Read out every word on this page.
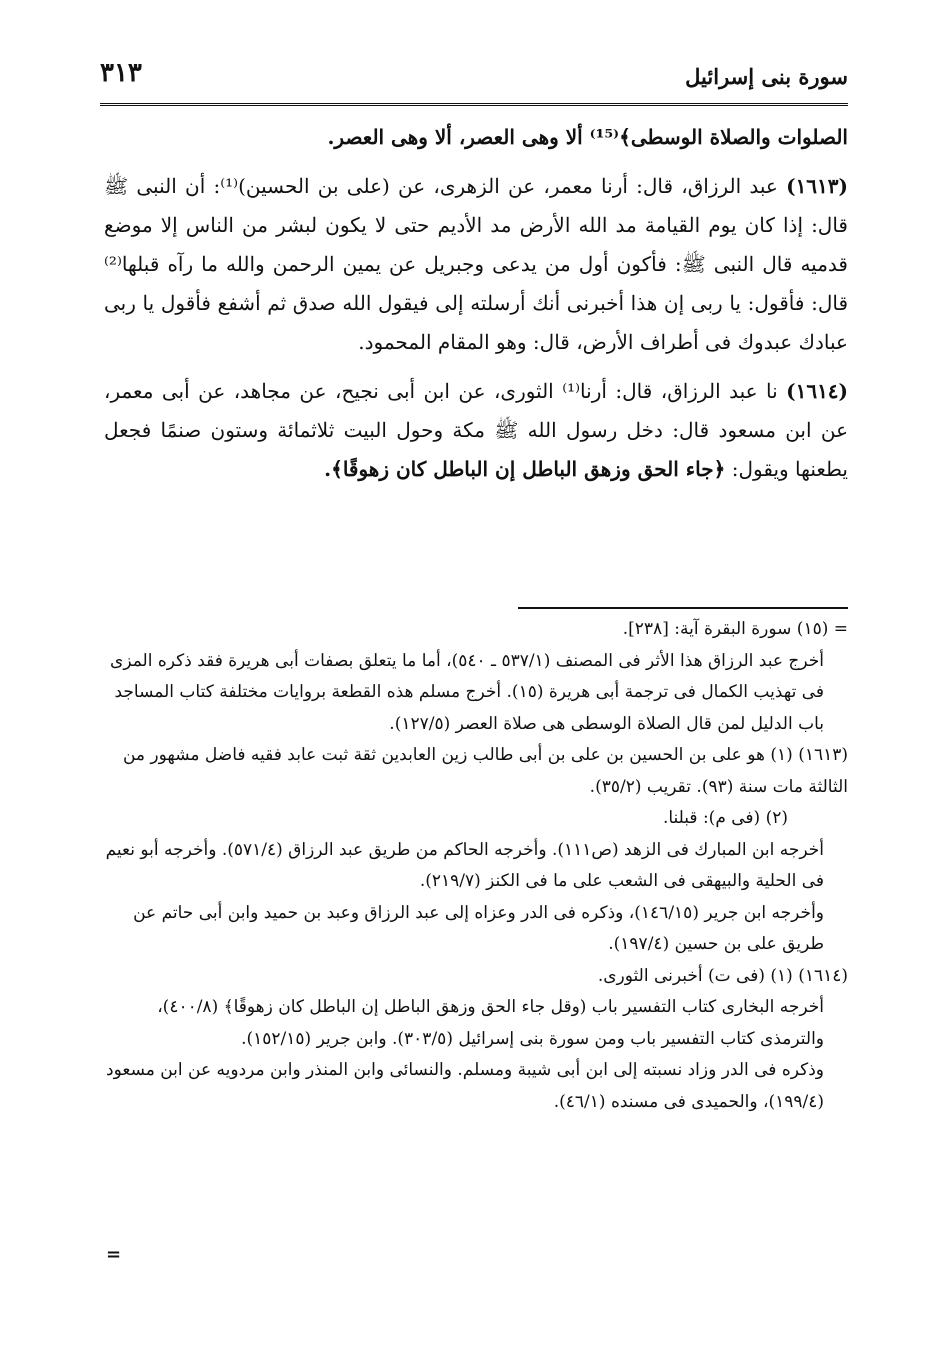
سورة بنى إسرائيل
٣١٣

الصلوات والصلاة الوسطى﴾⁽¹⁵⁾ ألا وهى العصر، ألا وهى العصر.

(١٦١٣) عبد الرزاق، قال: أرنا معمر، عن الزهرى، عن (على بن الحسين)⁽¹⁾: أن النبى ﷺ قال: إذا كان يوم القيامة مد الله الأرض مد الأديم حتى لا يكون لبشر من الناس إلا موضع قدميه قال النبى ﷺ: فأكون أول من يدعى وجبريل عن يمين الرحمن والله ما رآه قبلها⁽²⁾ قال: فأقول: يا ربى إن هذا أخبرنى أنك أرسلته إلى فيقول الله صدق ثم أشفع فأقول يا ربى عبادك عبدوك فى أطراف الأرض، قال: وهو المقام المحمود.

(١٦١٤) نا عبد الرزاق، قال: أرنا⁽¹⁾ الثورى، عن ابن أبى نجيح، عن مجاهد، عن أبى معمر، عن ابن مسعود قال: دخل رسول الله ﷺ مكة وحول البيت ثلاثمائة وستون صنمًا فجعل يطعنها ويقول: ﴿جاء الحق وزهق الباطل إن الباطل كان زهوقًا﴾.

= (١٥) سورة البقرة آية: [٢٣٨].

أخرج عبد الرزاق هذا الأثر فى المصنف (٥٣٧/١ ـ ٥٤٠)، أما ما يتعلق بصفات أبى هريرة فقد ذكره المزى فى تهذيب الكمال فى ترجمة أبى هريرة (١٥). أخرج مسلم هذه القطعة بروايات مختلفة كتاب المساجد باب الدليل لمن قال الصلاة الوسطى هى صلاة العصر (١٢٧/٥).

(١٦١٣) (١) هو على بن الحسين بن على بن أبى طالب زين العابدين ثقة ثبت عابد فقيه فاضل مشهور من الثالثة مات سنة (٩٣). تقريب (٣٥/٢).

(٢) (فى م): قبلنا.

أخرجه ابن المبارك فى الزهد (ص١١١). وأخرجه الحاكم من طريق عبد الرزاق (٥٧١/٤). وأخرجه أبو نعيم فى الحلية والبيهقى فى الشعب على ما فى الكنز (٢١٩/٧).

وأخرجه ابن جرير (١٤٦/١٥)، وذكره فى الدر وعزاه إلى عبد الرزاق وعبد بن حميد وابن أبى حاتم عن طريق على بن حسين (١٩٧/٤).

(١٦١٤) (١) (فى ت) أخبرنى الثورى.

أخرجه البخارى كتاب التفسير باب (وقل جاء الحق وزهق الباطل إن الباطل كان زهوقًا﴾ (٤٠٠/٨)، والترمذى كتاب التفسير باب ومن سورة بنى إسرائيل (٣٠٣/٥). وابن جرير (١٥٢/١٥).

وذكره فى الدر وزاد نسبته إلى ابن أبى شيبة ومسلم. والنسائى وابن المنذر وابن مردويه عن ابن مسعود (١٩٩/٤)، والحميدى فى مسنده (٤٦/١).

=
